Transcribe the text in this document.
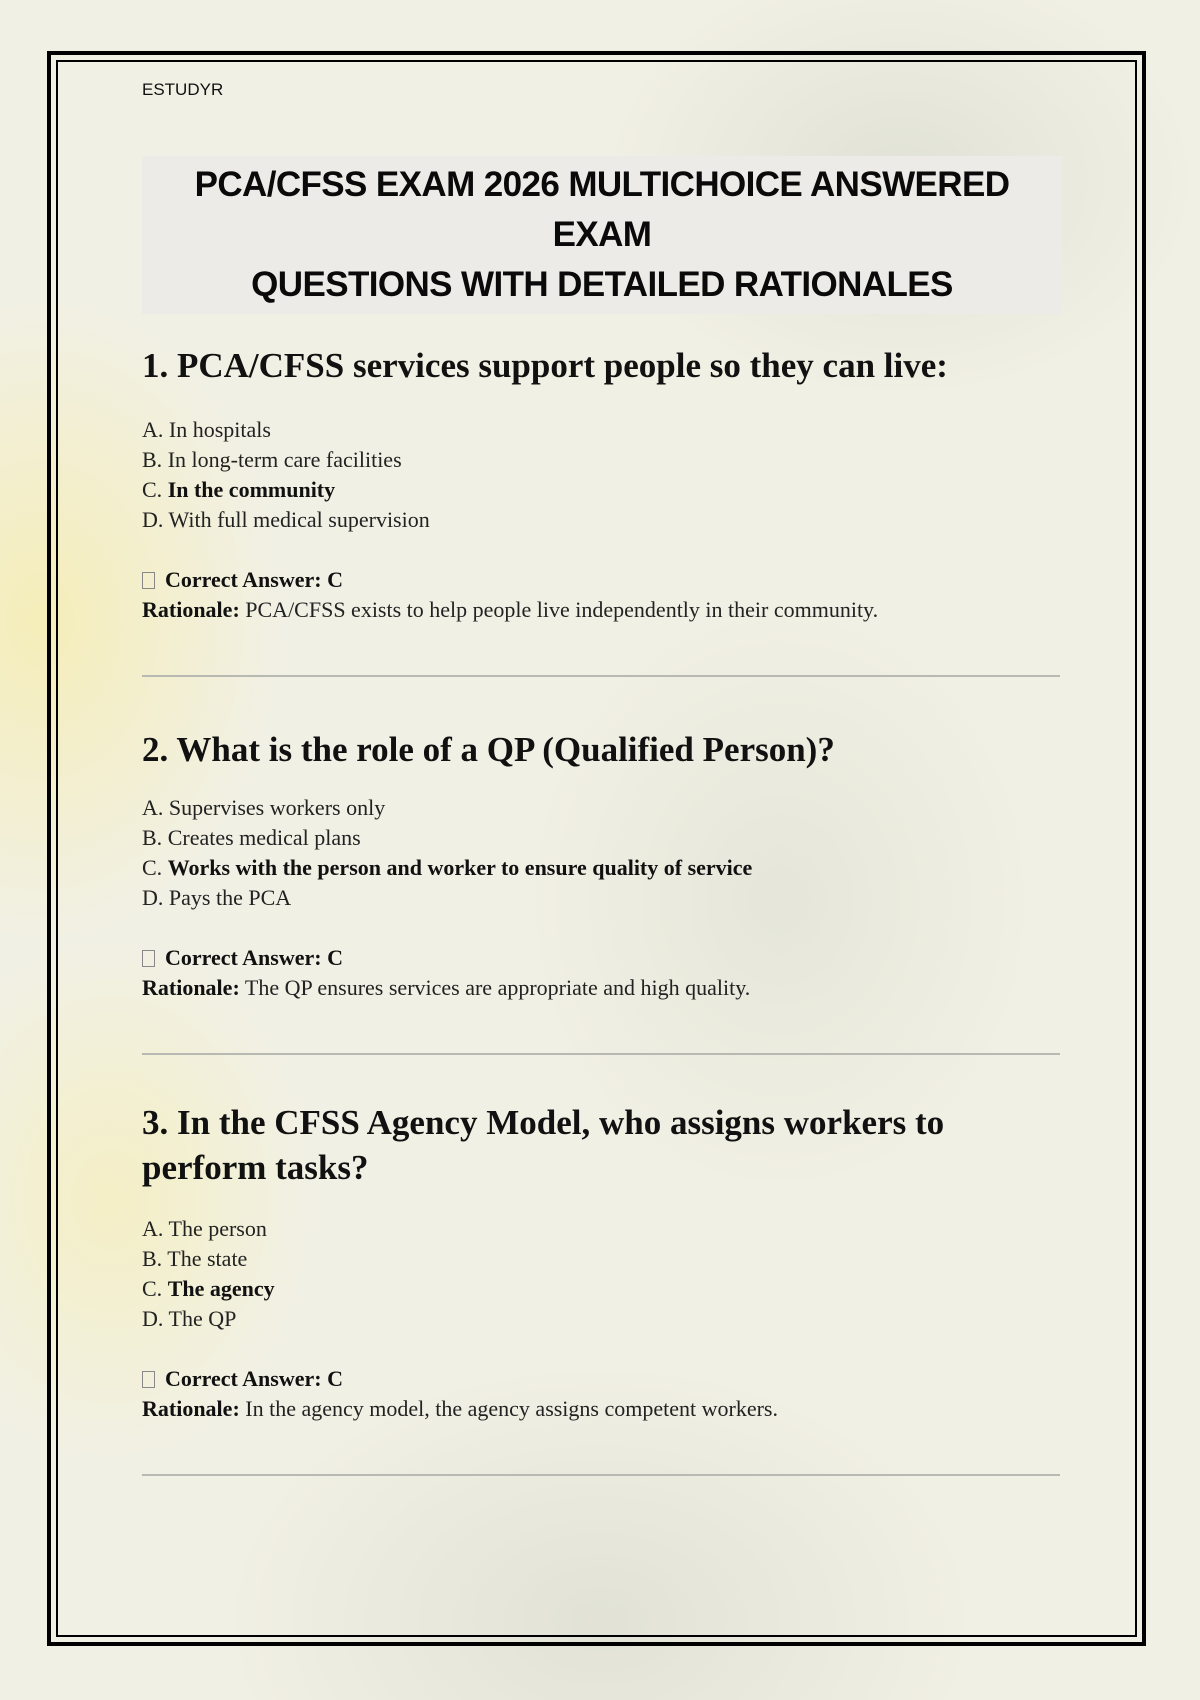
ESTUDYR
PCA/CFSS EXAM 2026 MULTICHOICE ANSWERED EXAM
QUESTIONS WITH DETAILED RATIONALES
1. PCA/CFSS services support people so they can live:
A. In hospitals
B. In long-term care facilities
C. In the community
D. With full medical supervision
Correct Answer: C
Rationale: PCA/CFSS exists to help people live independently in their community.
2. What is the role of a QP (Qualified Person)?
A. Supervises workers only
B. Creates medical plans
C. Works with the person and worker to ensure quality of service
D. Pays the PCA
Correct Answer: C
Rationale: The QP ensures services are appropriate and high quality.
3. In the CFSS Agency Model, who assigns workers to
perform tasks?
A. The person
B. The state
C. The agency
D. The QP
Correct Answer: C
Rationale: In the agency model, the agency assigns competent workers.
